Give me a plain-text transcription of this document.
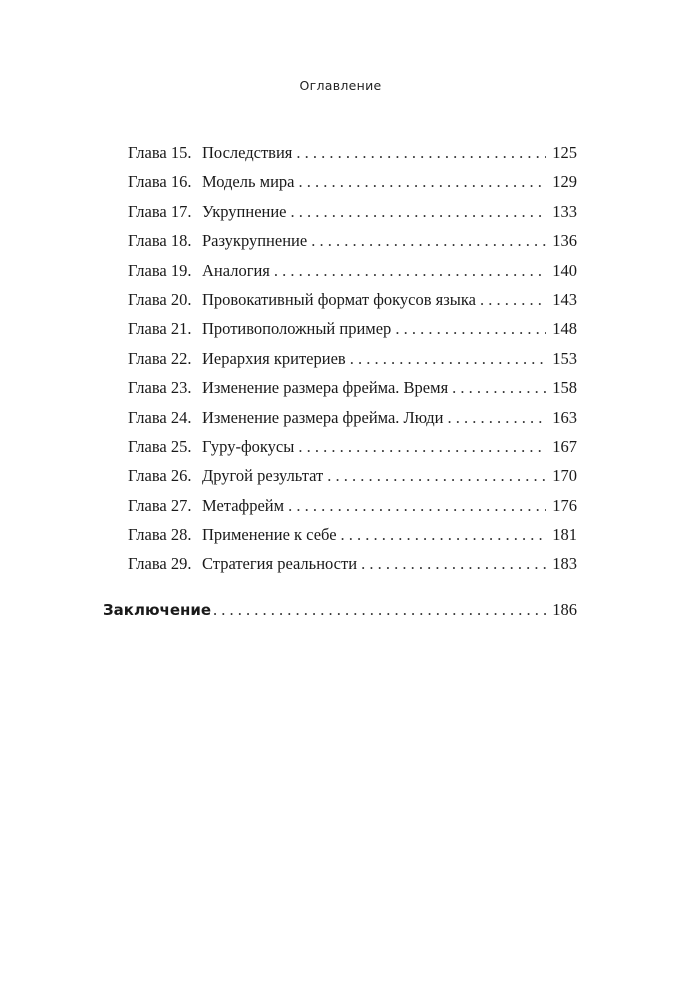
Оглавление
Глава 15. Последствия . . .	125
Глава 16. Модель мира . . .	129
Глава 17. Укрупнение . . .	133
Глава 18. Разукрупнение . . .	136
Глава 19. Аналогия . . .	140
Глава 20. Провокативный формат фокусов языка . . .	143
Глава 21. Противоположный пример . . .	148
Глава 22. Иерархия критериев . . .	153
Глава 23. Изменение размера фрейма. Время . . .	158
Глава 24. Изменение размера фрейма. Люди . . .	163
Глава 25. Гуру-фокусы . . .	167
Глава 26. Другой результат . . .	170
Глава 27. Метафрейм . . .	176
Глава 28. Применение к себе . . .	181
Глава 29. Стратегия реальности . . .	183
Заключение . . .	186
